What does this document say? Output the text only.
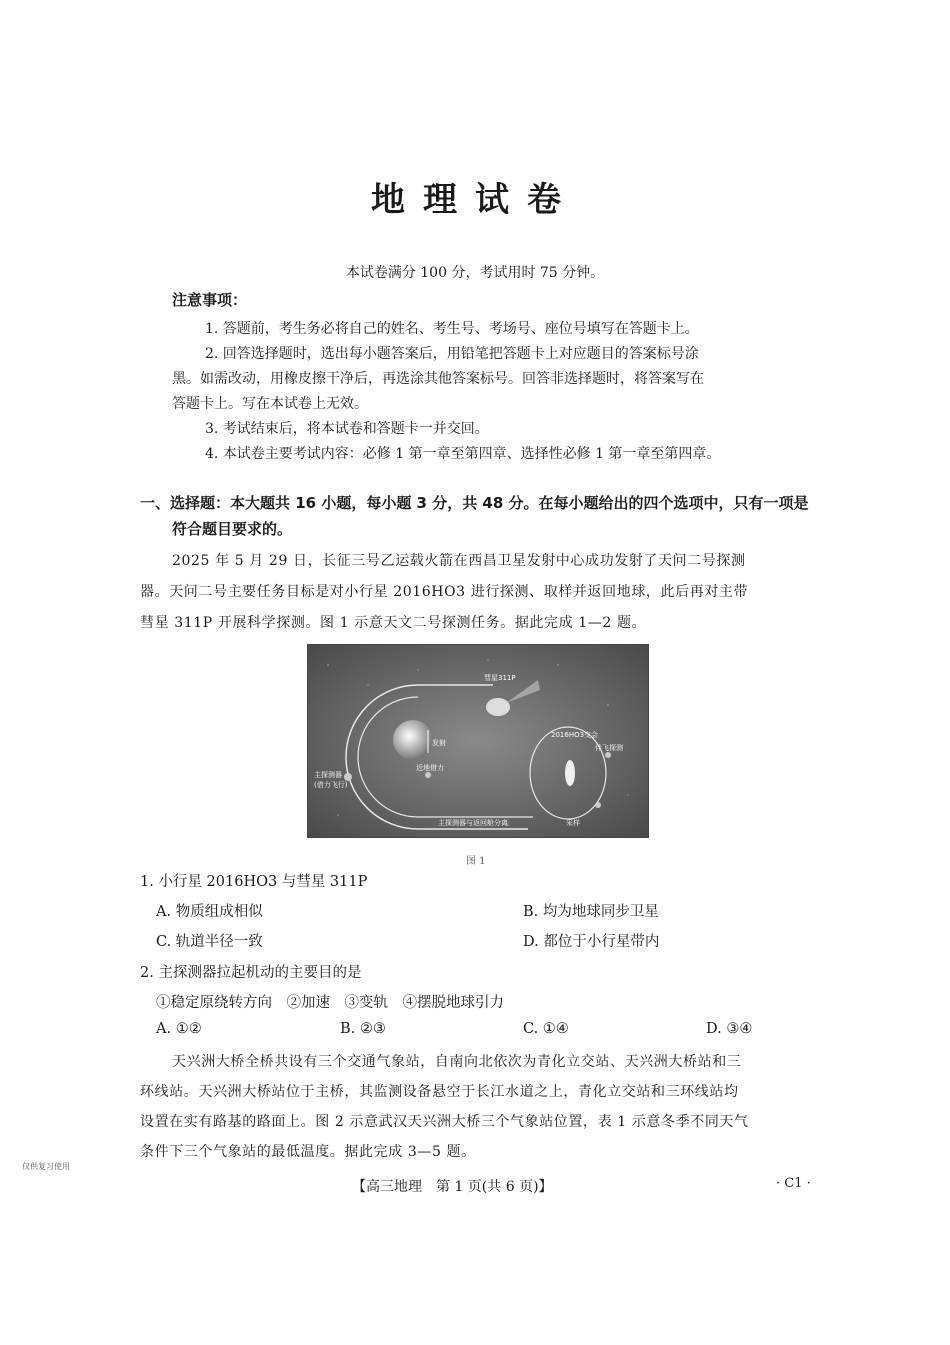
地理试卷
本试卷满分 100 分，考试用时 75 分钟。
注意事项：
1. 答题前，考生务必将自己的姓名、考生号、考场号、座位号填写在答题卡上。
2. 回答选择题时，选出每小题答案后，用铅笔把答题卡上对应题目的答案标号涂
黑。如需改动，用橡皮擦干净后，再选涂其他答案标号。回答非选择题时，将答案写在
答题卡上。写在本试卷上无效。
3. 考试结束后，将本试卷和答题卡一并交回。
4. 本试卷主要考试内容：必修 1 第一章至第四章、选择性必修 1 第一章至第四章。
一、选择题：本大题共 16 小题，每小题 3 分，共 48 分。在每小题给出的四个选项中，只有一项是
符合题目要求的。
2025 年 5 月 29 日，长征三号乙运载火箭在西昌卫星发射中心成功发射了天问二号探测
器。天问二号主要任务目标是对小行星 2016HO3 进行探测、取样并返回地球，此后再对主带
彗星 311P 开展科学探测。图 1 示意天文二号探测任务。据此完成 1—2 题。
彗星311P
发射
近地借力
2016HO3交会
伴飞探测
主探测器
(借力飞行)
主探测器与返回舱分离	采样
图 1
1. 小行星 2016HO3 与彗星 311P
A. 物质组成相似	B. 均为地球同步卫星
C. 轨道半径一致	D. 都位于小行星带内
2. 主探测器拉起机动的主要目的是
①稳定原绕转方向　②加速　③变轨　④摆脱地球引力
A. ①②	B. ②③	C. ①④	D. ③④
天兴洲大桥全桥共设有三个交通气象站，自南向北依次为青化立交站、天兴洲大桥站和三
环线站。天兴洲大桥站位于主桥，其监测设备悬空于长江水道之上，青化立交站和三环线站均
设置在实有路基的路面上。图 2 示意武汉天兴洲大桥三个气象站位置，表 1 示意冬季不同天气
条件下三个气象站的最低温度。据此完成 3—5 题。
仅供复习使用
【高三地理　第 1 页(共 6 页)】	· C1 ·
